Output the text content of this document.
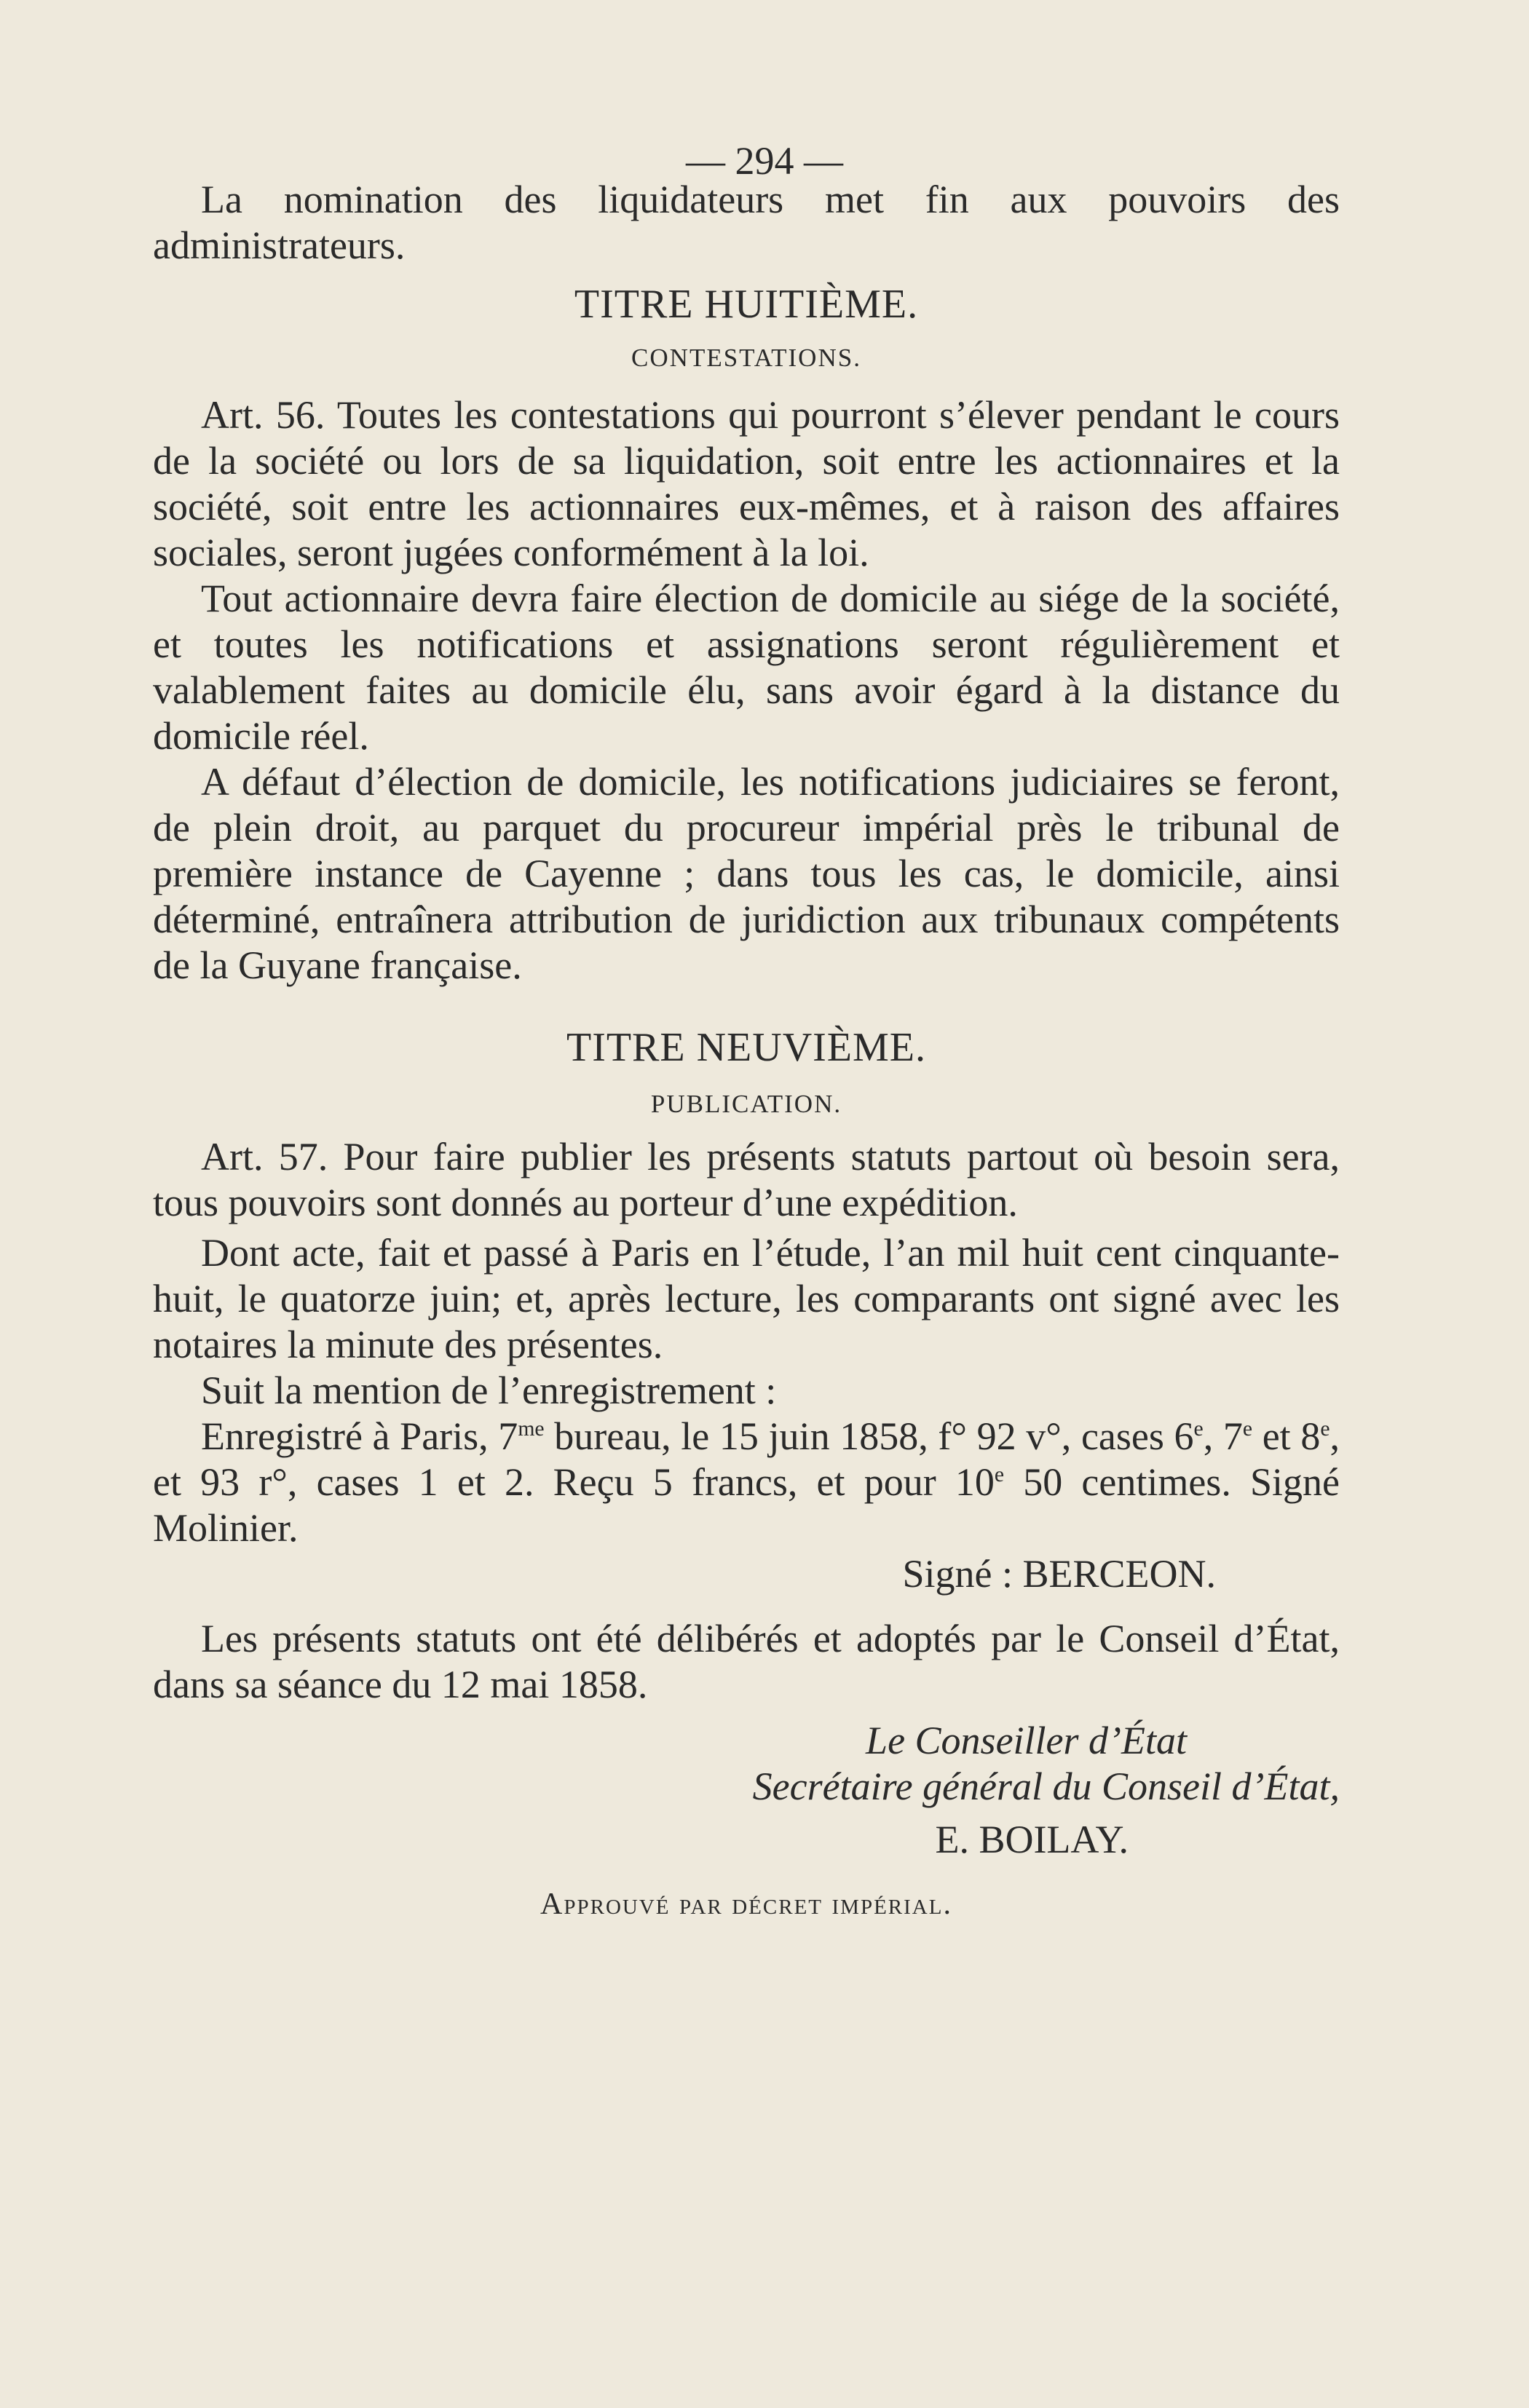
— 294 —

La nomination des liquidateurs met fin aux pouvoirs des administrateurs.

TITRE HUITIÈME.
CONTESTATIONS.

Art. 56. Toutes les contestations qui pourront s’élever pendant le cours de la société ou lors de sa liquidation, soit entre les actionnaires et la société, soit entre les actionnaires eux-mêmes, et à raison des affaires sociales, seront jugées conformément à la loi.

Tout actionnaire devra faire élection de domicile au siége de la société, et toutes les notifications et assignations seront régulièrement et valablement faites au domicile élu, sans avoir égard à la distance du domicile réel.

A défaut d’élection de domicile, les notifications judiciaires se feront, de plein droit, au parquet du procureur impérial près le tribunal de première instance de Cayenne ; dans tous les cas, le domicile, ainsi déterminé, entraînera attribution de juridiction aux tribunaux compétents de la Guyane française.

TITRE NEUVIÈME.
PUBLICATION.

Art. 57. Pour faire publier les présents statuts partout où besoin sera, tous pouvoirs sont donnés au porteur d’une expédition.

Dont acte, fait et passé à Paris en l’étude, l’an mil huit cent cinquante-huit, le quatorze juin; et, après lecture, les comparants ont signé avec les notaires la minute des présentes.

Suit la mention de l’enregistrement :

Enregistré à Paris, $7^{me}$ bureau, le 15 juin 1858, f° 92 v°, cases 6e, 7e et 8e, et 93 r°, cases 1 et 2. Reçu 5 francs, et pour 10e 50 centimes. Signé Molinier.

Signé : BERCEON.

Les présents statuts ont été délibérés et adoptés par le Conseil d’État, dans sa séance du 12 mai 1858.

Le Conseiller d’État
Secrétaire général du Conseil d’État,
E. BOILAY.
Approuvé par décret impérial.
